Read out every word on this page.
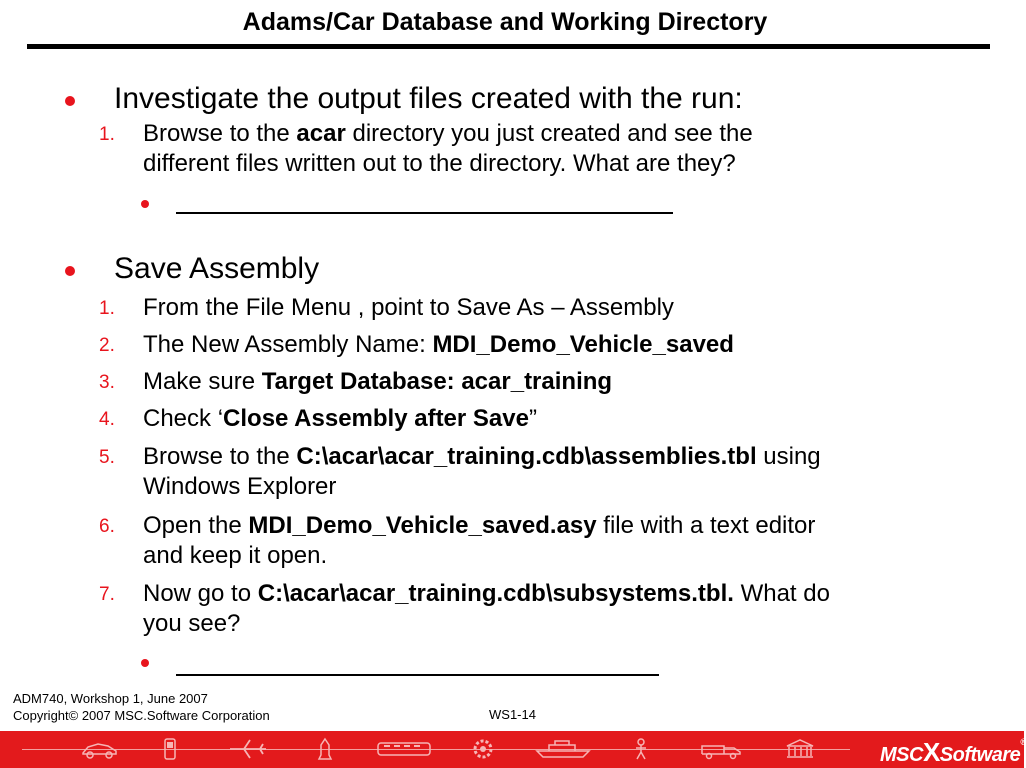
Adams/Car Database and Working Directory
Investigate the output files created with the run:
1.	Browse to the acar directory you just created and see the
different files written out to the directory. What are they?
Save Assembly
1.	From the File Menu , point to Save As – Assembly
2.	The New Assembly Name: MDI_Demo_Vehicle_saved
3.	Make sure Target Database: acar_training
4.	Check ‘Close Assembly after Save”
5.	Browse to the C:\acar\acar_training.cdb\assemblies.tbl using
Windows Explorer
6.	Open the MDI_Demo_Vehicle_saved.asy file with a text editor
and keep it open.
7.	Now go to C:\acar\acar_training.cdb\subsystems.tbl. What do
you see?
ADM740, Workshop 1, June 2007
Copyright© 2007 MSC.Software Corporation	WS1-14
MSCXSoftware®
